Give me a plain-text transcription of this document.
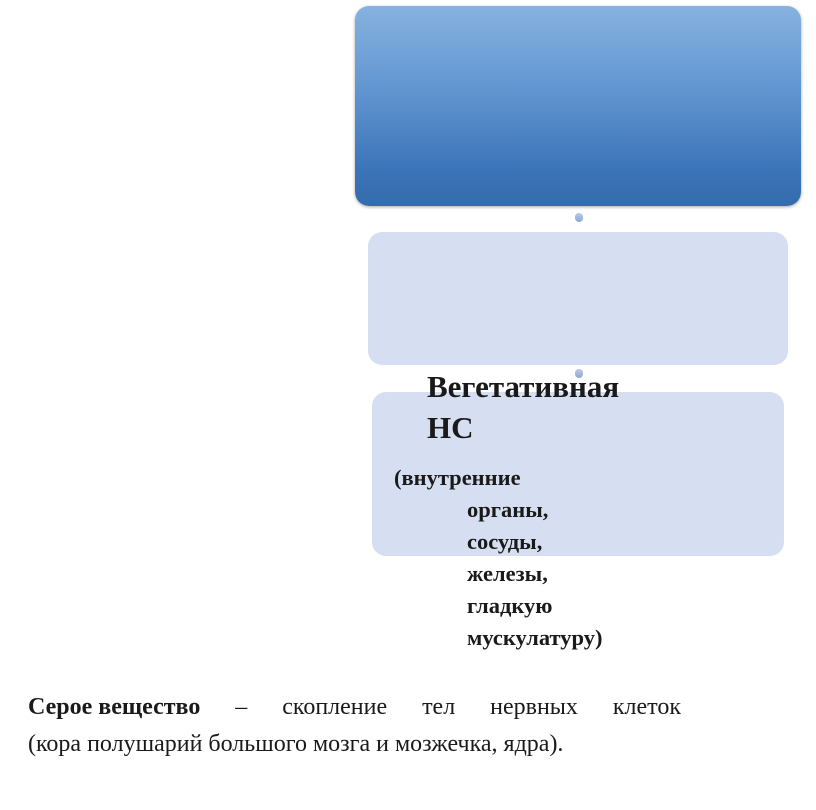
Вегетативная
НС
(внутренние
органы,
сосуды,
железы,
гладкую
мускулатуру)
Серое вещество – скопление тел нервных клеток
(кора полушарий большого мозга и мозжечка, ядра).
